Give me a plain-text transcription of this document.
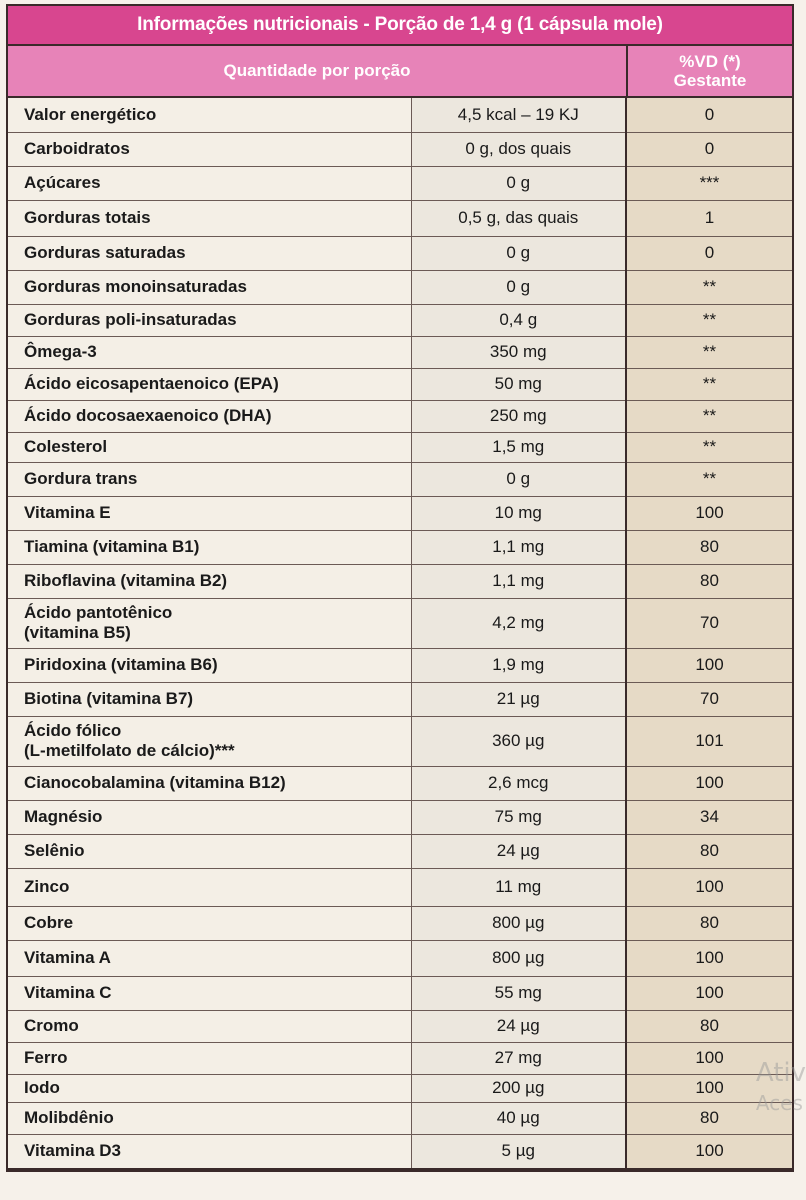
Informações nutricionais - Porção de 1,4 g (1 cápsula mole)
Quantidade por porção	%VD (*)
Gestante
Valor energético	4,5 kcal – 19 KJ	0
Carboidratos	0 g, dos quais	0
Açúcares	0 g	***
Gorduras totais	0,5 g, das quais	1
Gorduras saturadas	0 g	0
Gorduras monoinsaturadas	0 g	**
Gorduras poli-insaturadas	0,4 g	**
Ômega-3	350 mg	**
Ácido eicosapentaenoico (EPA)	50 mg	**
Ácido docosaexaenoico (DHA)	250 mg	**
Colesterol	1,5 mg	**
Gordura trans	0 g	**
Vitamina E	10 mg	100
Tiamina (vitamina B1)	1,1 mg	80
Riboflavina (vitamina B2)	1,1 mg	80
Ácido pantotênico
(vitamina B5)	4,2 mg	70
Piridoxina (vitamina B6)	1,9 mg	100
Biotina (vitamina B7)	21 µg	70
Ácido fólico
(L-metilfolato de cálcio)***	360 µg	101
Cianocobalamina (vitamina B12)	2,6 mcg	100
Magnésio	75 mg	34
Selênio	24 µg	80
Zinco	11 mg	100
Cobre	800 µg	80
Vitamina A	800 µg	100
Vitamina C	55 mg	100
Cromo	24 µg	80
Ferro	27 mg	100
Iodo	200 µg	100
Molibdênio	40 µg	80
Vitamina D3	5 µg	100
Ativ
Aces
